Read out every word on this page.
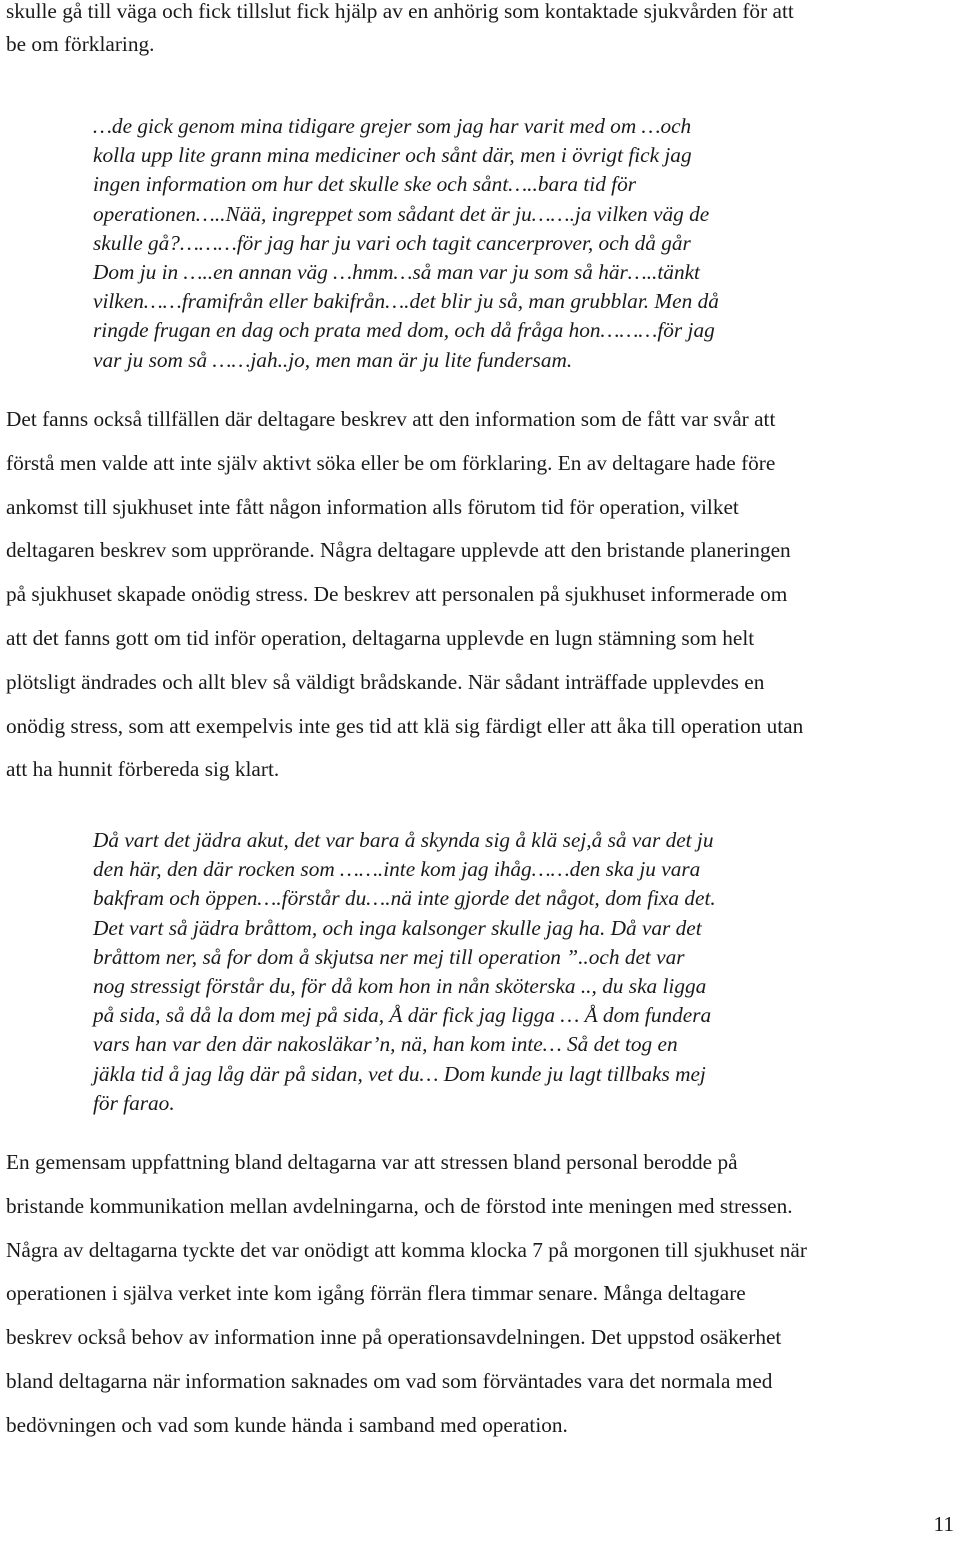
skulle gå till väga och fick tillslut fick hjälp av en anhörig som kontaktade sjukvården för att
be om förklaring.

…de gick genom mina tidigare grejer som jag har varit med om …och
kolla upp lite grann mina mediciner och sånt där, men i övrigt fick jag
ingen information om hur det skulle ske och sånt…..bara tid för
operationen…..Nää, ingreppet som sådant det är ju…….ja vilken väg de
skulle gå?………för jag har ju vari och tagit cancerprover, och då går
Dom ju in …..en annan väg …hmm…så man var ju som så här…..tänkt
vilken……framifrån eller bakifrån….det blir ju så, man grubblar. Men då
ringde frugan en dag och prata med dom, och då fråga hon………för jag
var ju som så ……jah..jo, men man är ju lite fundersam.

Det fanns också tillfällen där deltagare beskrev att den information som de fått var svår att
förstå men valde att inte själv aktivt söka eller be om förklaring. En av deltagare hade före
ankomst till sjukhuset inte fått någon information alls förutom tid för operation, vilket
deltagaren beskrev som upprörande. Några deltagare upplevde att den bristande planeringen
på sjukhuset skapade onödig stress. De beskrev att personalen på sjukhuset informerade om
att det fanns gott om tid inför operation, deltagarna upplevde en lugn stämning som helt
plötsligt ändrades och allt blev så väldigt brådskande. När sådant inträffade upplevdes en
onödig stress, som att exempelvis inte ges tid att klä sig färdigt eller att åka till operation utan
att ha hunnit förbereda sig klart.

Då vart det jädra akut, det var bara å skynda sig å klä sej,å så var det ju
den här, den där rocken som …….inte kom jag ihåg……den ska ju vara
bakfram och öppen….förstår du….nä inte gjorde det något, dom fixa det.
Det vart så jädra bråttom, och inga kalsonger skulle jag ha. Då var det
bråttom ner, så for dom å skjutsa ner mej till operation ”..och det var
nog stressigt förstår du, för då kom hon in nån sköterska .., du ska ligga
på sida, så då la dom mej på sida, Å där fick jag ligga … Å dom fundera
vars han var den där nakosläkar’n, nä, han kom inte… Så det tog en
jäkla tid å jag låg där på sidan, vet du… Dom kunde ju lagt tillbaks mej
för farao.

En gemensam uppfattning bland deltagarna var att stressen bland personal berodde på
bristande kommunikation mellan avdelningarna, och de förstod inte meningen med stressen.
Några av deltagarna tyckte det var onödigt att komma klocka 7 på morgonen till sjukhuset när
operationen i själva verket inte kom igång förrän flera timmar senare. Många deltagare
beskrev också behov av information inne på operationsavdelningen. Det uppstod osäkerhet
bland deltagarna när information saknades om vad som förväntades vara det normala med
bedövningen och vad som kunde hända i samband med operation.

11
